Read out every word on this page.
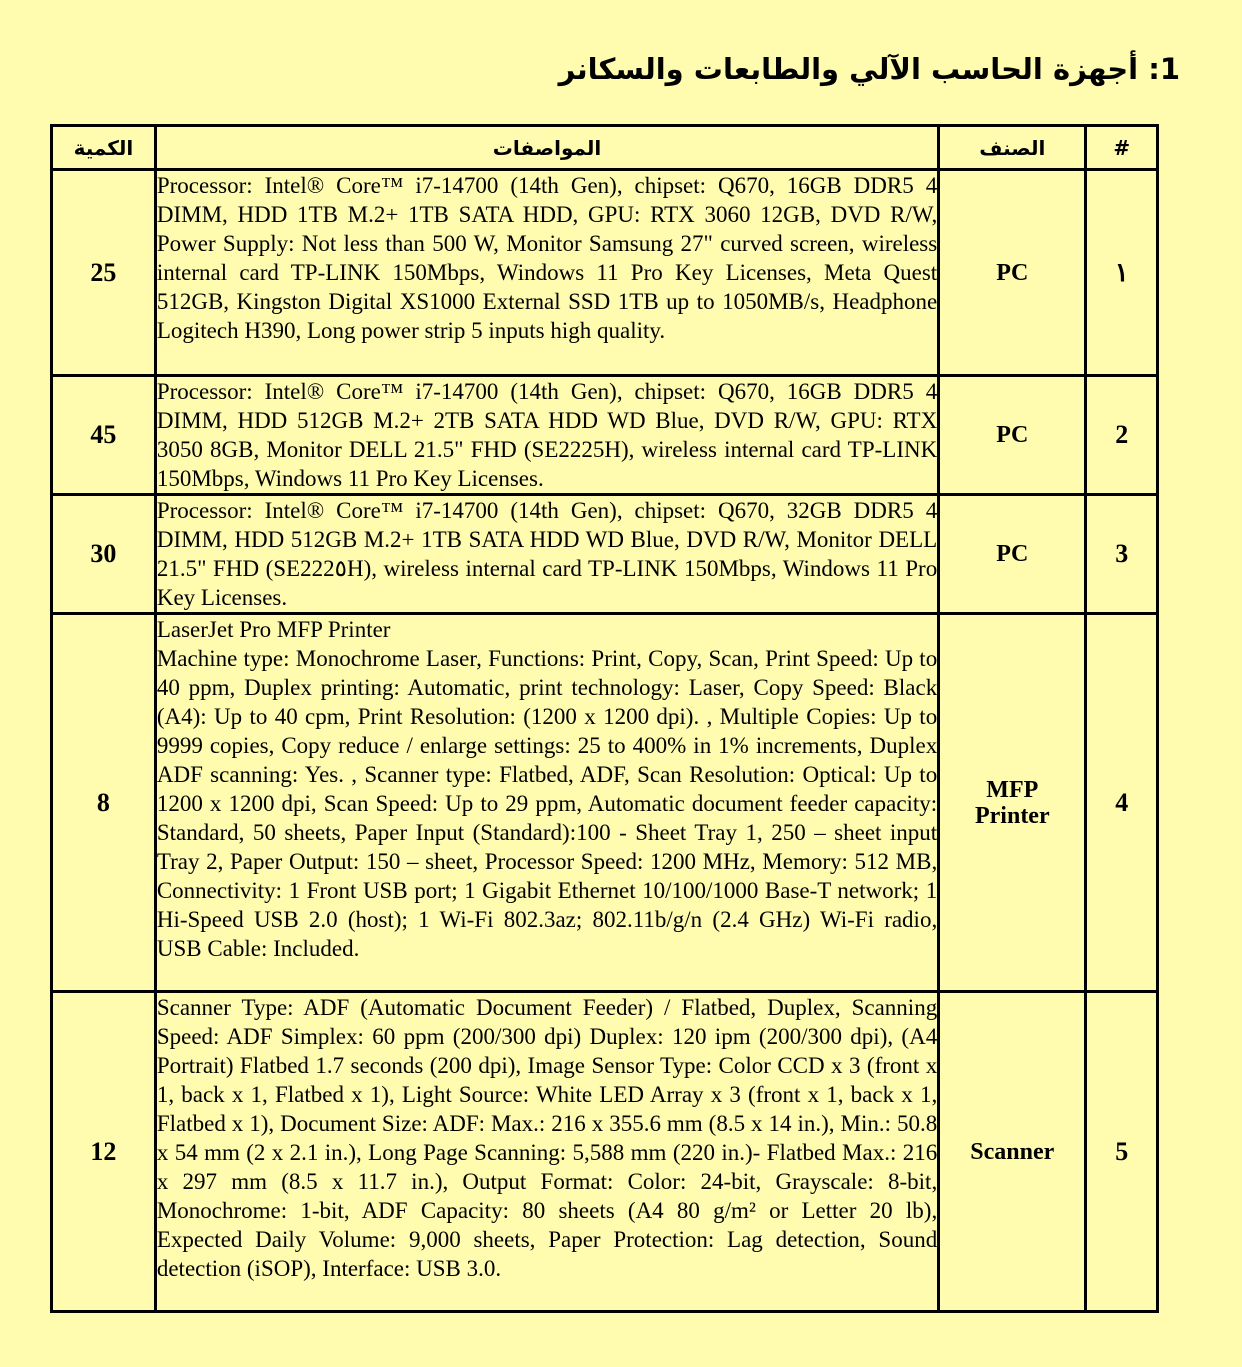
1: أجهزة الحاسب الآلي والطابعات والسكانر
الكمية	المواصفات	الصنف	#
25	Processor: Intel® Core™ i7-14700 (14th Gen), chipset: Q670, 16GB DDR5 4 DIMM, HDD 1TB M.2+ 1TB SATA HDD, GPU: RTX 3060 12GB, DVD R/W, Power Supply: Not less than 500 W, Monitor Samsung 27" curved screen, wireless internal card TP-LINK 150Mbps, Windows 11 Pro Key Licenses, Meta Quest 512GB, Kingston Digital XS1000 External SSD 1TB up to 1050MB/s, Headphone Logitech H390, Long power strip 5 inputs high quality.	PC	١
45	Processor: Intel® Core™ i7-14700 (14th Gen), chipset: Q670, 16GB DDR5 4 DIMM, HDD 512GB M.2+ 2TB SATA HDD WD Blue, DVD R/W, GPU: RTX 3050 8GB, Monitor DELL 21.5" FHD (SE2225H), wireless internal card TP-LINK 150Mbps, Windows 11 Pro Key Licenses.	PC	2
30	Processor: Intel® Core™ i7-14700 (14th Gen), chipset: Q670, 32GB DDR5 4 DIMM, HDD 512GB M.2+ 1TB SATA HDD WD Blue, DVD R/W, Monitor DELL 21.5" FHD (SE222٥H), wireless internal card TP-LINK 150Mbps, Windows 11 Pro Key Licenses.	PC	3
8	LaserJet Pro MFP Printer
Machine type: Monochrome Laser, Functions: Print, Copy, Scan, Print Speed: Up to 40 ppm, Duplex printing: Automatic, print technology: Laser, Copy Speed: Black (A4): Up to 40 cpm, Print Resolution: (1200 x 1200 dpi). , Multiple Copies: Up to 9999 copies, Copy reduce / enlarge settings: 25 to 400% in 1% increments, Duplex ADF scanning: Yes. , Scanner type: Flatbed, ADF, Scan Resolution: Optical: Up to 1200 x 1200 dpi, Scan Speed: Up to 29 ppm, Automatic document feeder capacity: Standard, 50 sheets, Paper Input (Standard):100 - Sheet Tray 1, 250 – sheet input Tray 2, Paper Output: 150 – sheet, Processor Speed: 1200 MHz, Memory: 512 MB, Connectivity: 1 Front USB port; 1 Gigabit Ethernet 10/100/1000 Base-T network; 1 Hi-Speed USB 2.0 (host); 1 Wi-Fi 802.3az; 802.11b/g/n (2.4 GHz) Wi-Fi radio, USB Cable: Included.	MFP Printer	4
12	Scanner Type: ADF (Automatic Document Feeder) / Flatbed, Duplex, Scanning Speed: ADF Simplex: 60 ppm (200/300 dpi) Duplex: 120 ipm (200/300 dpi), (A4 Portrait) Flatbed 1.7 seconds (200 dpi), Image Sensor Type: Color CCD x 3 (front x 1, back x 1, Flatbed x 1), Light Source: White LED Array x 3 (front x 1, back x 1, Flatbed x 1), Document Size: ADF: Max.: 216 x 355.6 mm (8.5 x 14 in.), Min.: 50.8 x 54 mm (2 x 2.1 in.), Long Page Scanning: 5,588 mm (220 in.)- Flatbed Max.: 216 x 297 mm (8.5 x 11.7 in.), Output Format: Color: 24-bit, Grayscale: 8-bit, Monochrome: 1-bit, ADF Capacity: 80 sheets (A4 80 g/m² or Letter 20 lb), Expected Daily Volume: 9,000 sheets, Paper Protection: Lag detection, Sound detection (iSOP), Interface: USB 3.0.	Scanner	5
